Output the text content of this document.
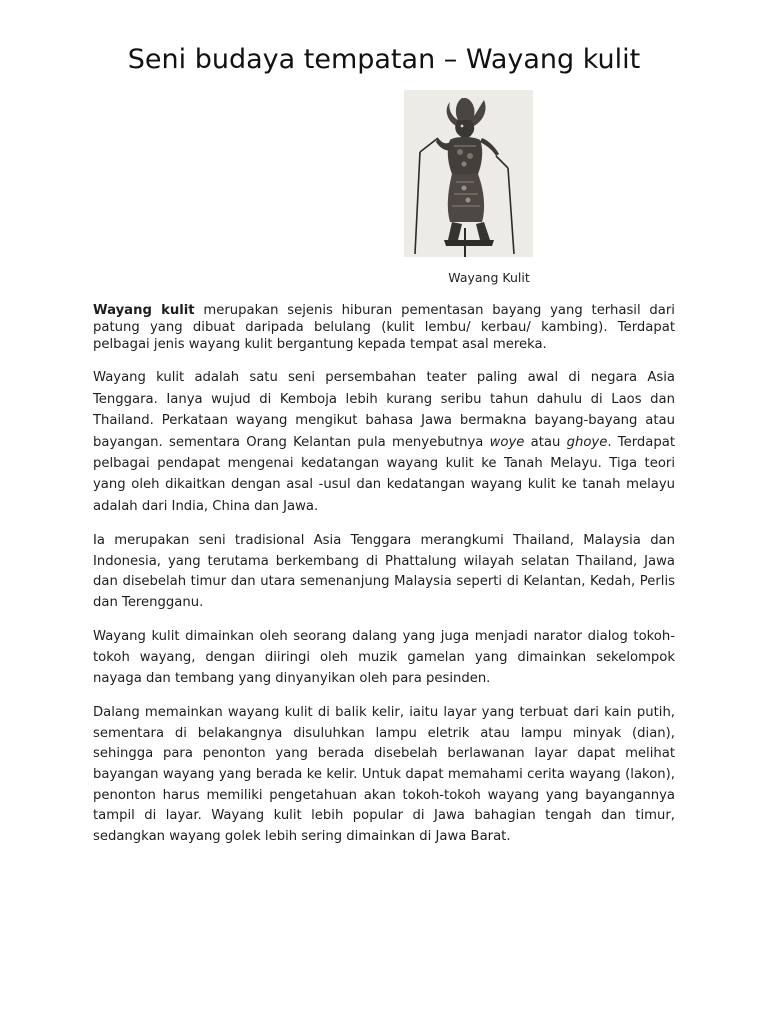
Seni budaya tempatan – Wayang kulit
Wayang Kulit

Wayang kulit merupakan sejenis hiburan pementasan bayang yang terhasil dari patung yang dibuat daripada belulang (kulit lembu/ kerbau/ kambing). Terdapat pelbagai jenis wayang kulit bergantung kepada tempat asal mereka.

Wayang kulit adalah satu seni persembahan teater paling awal di negara Asia Tenggara. Ianya wujud di Kemboja lebih kurang seribu tahun dahulu di Laos dan Thailand. Perkataan wayang mengikut bahasa Jawa bermakna bayang-bayang atau bayangan. sementara Orang Kelantan pula menyebutnya woye atau ghoye. Terdapat pelbagai pendapat mengenai kedatangan wayang kulit ke Tanah Melayu. Tiga teori yang oleh dikaitkan dengan asal -usul dan kedatangan wayang kulit ke tanah melayu adalah dari India, China dan Jawa.

Ia merupakan seni tradisional Asia Tenggara merangkumi Thailand, Malaysia dan Indonesia, yang terutama berkembang di Phattalung wilayah selatan Thailand, Jawa dan disebelah timur dan utara semenanjung Malaysia seperti di Kelantan, Kedah, Perlis dan Terengganu.

Wayang kulit dimainkan oleh seorang dalang yang juga menjadi narator dialog tokoh-tokoh wayang, dengan diiringi oleh muzik gamelan yang dimainkan sekelompok nayaga dan tembang yang dinyanyikan oleh para pesinden.

Dalang memainkan wayang kulit di balik kelir, iaitu layar yang terbuat dari kain putih, sementara di belakangnya disuluhkan lampu eletrik atau lampu minyak (dian), sehingga para penonton yang berada disebelah berlawanan layar dapat melihat bayangan wayang yang berada ke kelir. Untuk dapat memahami cerita wayang (lakon), penonton harus memiliki pengetahuan akan tokoh-tokoh wayang yang bayangannya tampil di layar. Wayang kulit lebih popular di Jawa bahagian tengah dan timur, sedangkan wayang golek lebih sering dimainkan di Jawa Barat.
